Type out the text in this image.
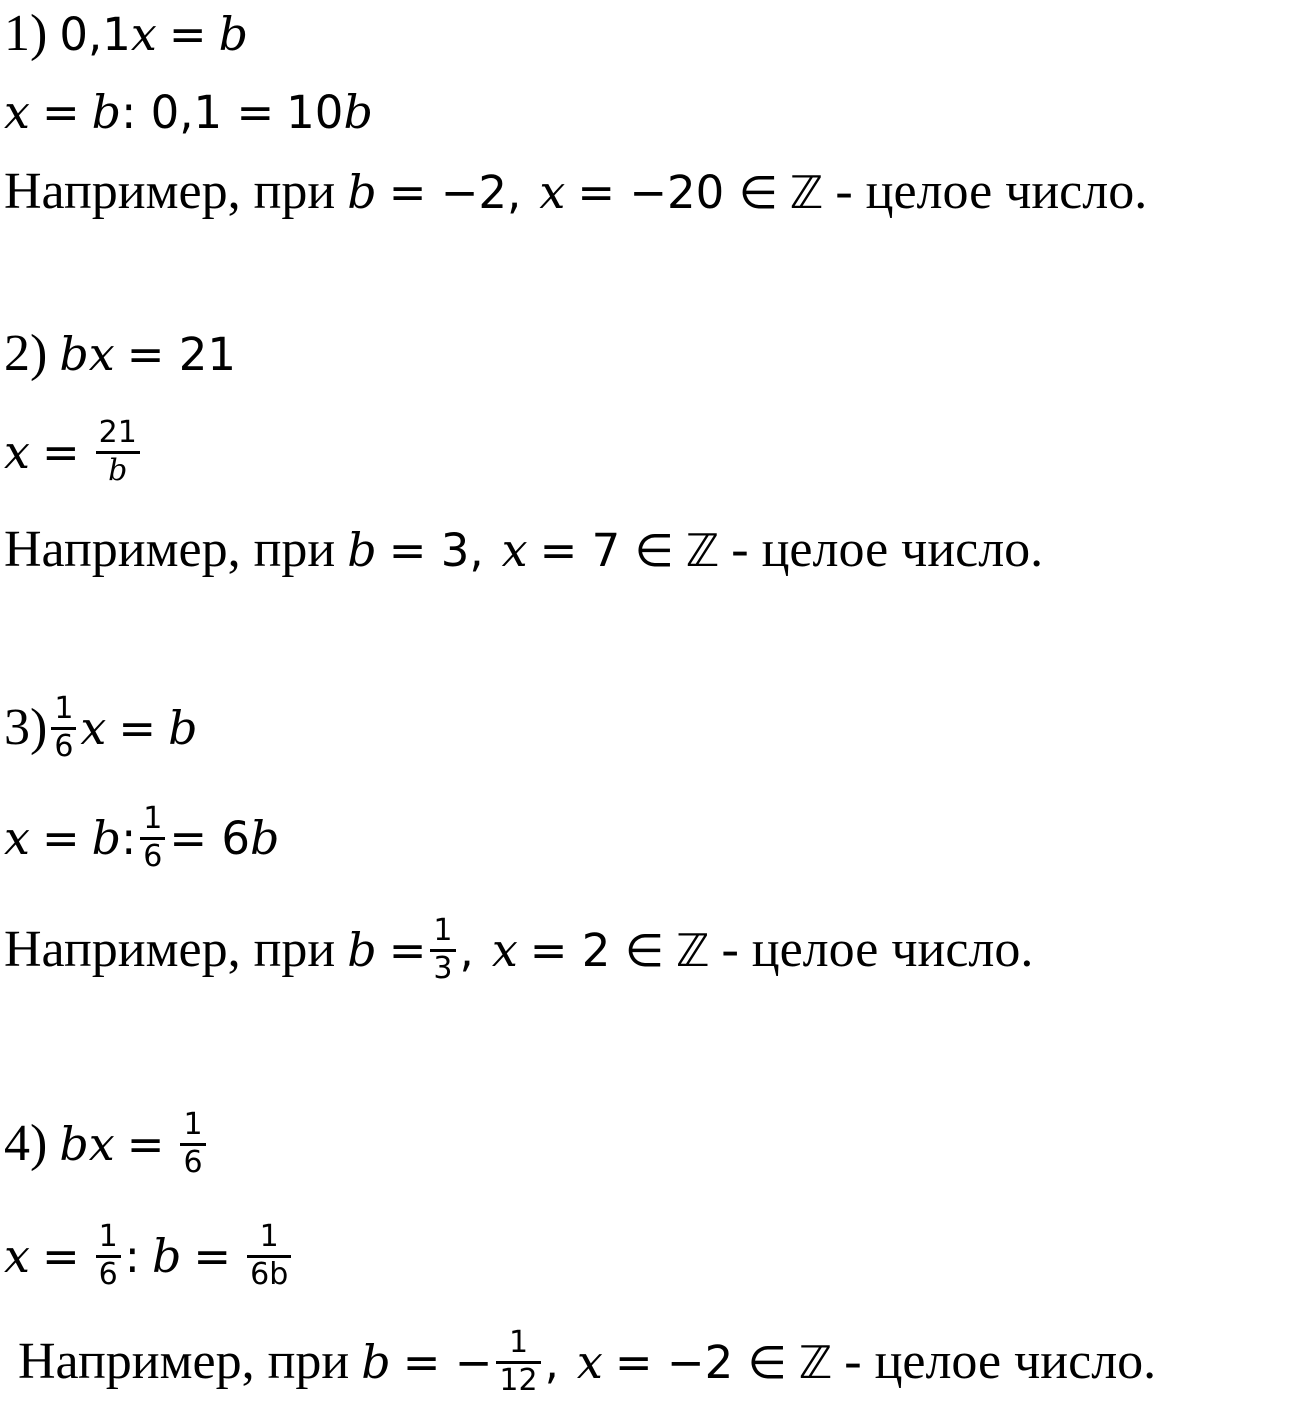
1) 0,1 x = b
x = b : 0,1 = 10 b
Например, при b = −2, x = −20 ∈ ℤ - целое число.
2) b x = 21
$x = \frac{21}{b}$
Например, при b = 3, x = 7 ∈ ℤ - целое число.
$3) \frac{1}{6}$ x = b
x = b : $\frac{1}{6} = 6$ b
Например, при $b = \frac{1}{3}$ , x = 2 ∈ ℤ - целое число.
4) b $x = \frac{1}{6}$
$x = \frac{1}{6}$ : $b = \frac{1}{6b}$
Например, при b = − $\frac{1}{12}$ , x = −2 ∈ ℤ - целое число.
